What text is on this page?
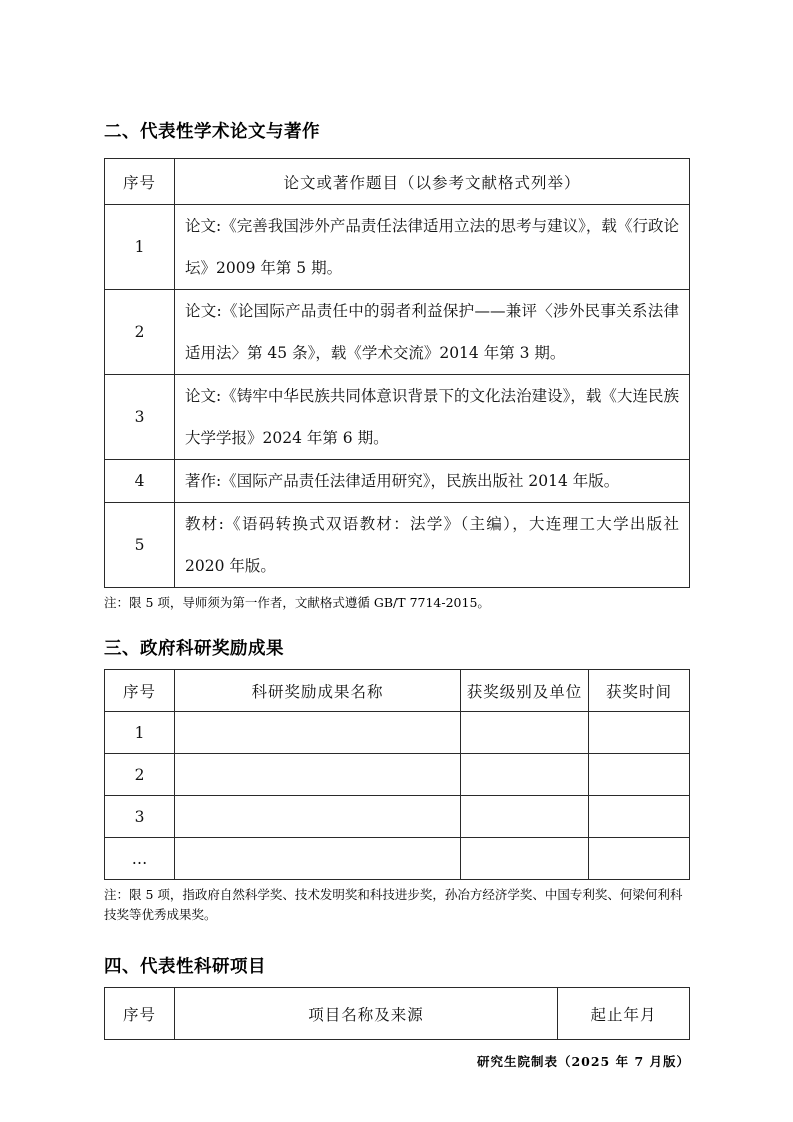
二、代表性学术论文与著作
序号	论文或著作题目（以参考文献格式列举）
1	论文:《完善我国涉外产品责任法律适用立法的思考与建议》，载《行政论坛》2009 年第 5 期。
2	论文:《论国际产品责任中的弱者利益保护——兼评〈涉外民事关系法律适用法〉第 45 条》，载《学术交流》2014 年第 3 期。
3	论文:《铸牢中华民族共同体意识背景下的文化法治建设》，载《大连民族大学学报》2024 年第 6 期。
4	著作:《国际产品责任法律适用研究》，民族出版社 2014 年版。
5	教材:《语码转换式双语教材：法学》（主编），大连理工大学出版社 2020 年版。
注：限 5 项，导师须为第一作者，文献格式遵循 GB/T 7714-2015。
三、政府科研奖励成果
序号	科研奖励成果名称	获奖级别及单位	获奖时间
1			
2			
3			
…			
注：限 5 项，指政府自然科学奖、技术发明奖和科技进步奖，孙冶方经济学奖、中国专利奖、何梁何利科技奖等优秀成果奖。
四、代表性科研项目
序号	项目名称及来源	起止年月
研究生院制表（2025 年 7 月版）
